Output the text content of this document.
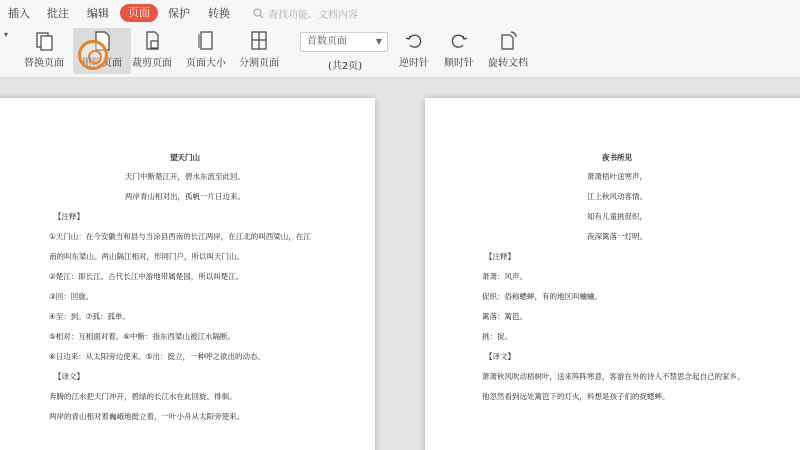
插入 批注 编辑	页面	保护 转换	查找功能、文档内容
▾
替换页面 删除页面 裁剪页面 页面大小 分割页面
首数页面	▼
(共2页)	逆时针 顺时针 旋转文档
望天门山
天门中断楚江开，碧水东流至此回。
两岸青山相对出，孤帆一片日边来。
【注释】
①天门山：在今安徽当和县与当涂县西南的长江两岸，在江北的叫西梁山，在江
南的叫东梁山。两山隔江相对，形同门户，所以叫天门山。
②楚江：即长江。古代长江中游地带属楚国，所以叫楚江。
③回：回旋。
④至：到。⑦孤：孤单。
⑤相对：互相面对着。⑥中断：指东西梁山被江水隔断。
⑥日边来：从太阳旁边使来。⑤出：挺立，一种呼之欲出的动态。
【译文】
奔腾的江水把天门冲开，碧绿的长江水在此回旋、徘徊。
两岸的青山相对着巍峨地挺立着，一叶小舟从太阳旁使来。
夜书所见
萧萧梧叶送寒声，
江上秋风动客情。
知有儿童挑促织，
夜深篱落一灯明。
【注释】
萧萧：风声。
促织：俗称蟋蟀，有的地区叫蛐蛐。
篱落：篱笆。
挑：捉。
【译文】
萧萧秋风吹动梧树叶，送来阵阵寒意，客游在外的诗人不禁思念起自己的家乡。
他忽然看到远处篱笆下的灯火，料想是孩子们的捉蟋蟀。
